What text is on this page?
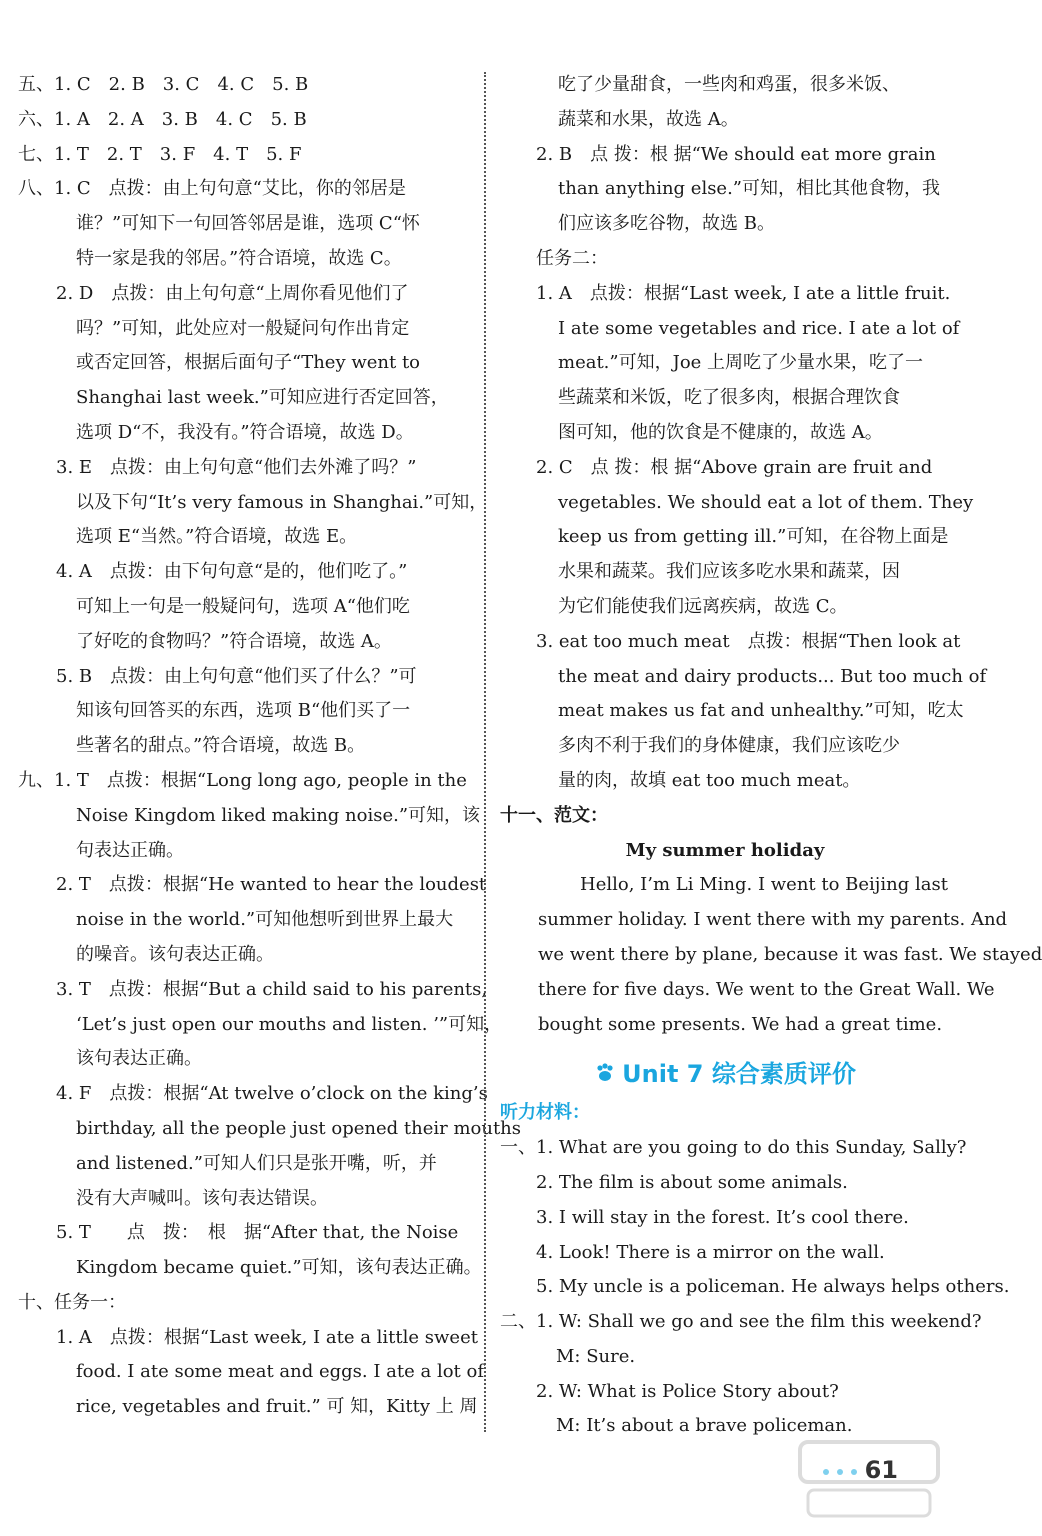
五、1. C　2. B　3. C　4. C　5. B
六、1. A　2. A　3. B　4. C　5. B
七、1. T　2. T　3. F　4. T　5. F
八、1. C　点拨：由上句句意“艾比，你的邻居是
谁？”可知下一句回答邻居是谁，选项 C“怀
特一家是我的邻居。”符合语境，故选 C。
2. D　点拨：由上句句意“上周你看见他们了
吗？”可知，此处应对一般疑问句作出肯定
或否定回答，根据后面句子“They went to
Shanghai last week.”可知应进行否定回答，
选项 D“不，我没有。”符合语境，故选 D。
3. E　点拨：由上句句意“他们去外滩了吗？”
以及下句“It’s very famous in Shanghai.”可知，
选项 E“当然。”符合语境，故选 E。
4. A　点拨：由下句句意“是的，他们吃了。”
可知上一句是一般疑问句，选项 A“他们吃
了好吃的食物吗？”符合语境，故选 A。
5. B　点拨：由上句句意“他们买了什么？”可
知该句回答买的东西，选项 B“他们买了一
些著名的甜点。”符合语境，故选 B。
九、1. T　点拨：根据“Long long ago, people in the
Noise Kingdom liked making noise.”可知，该
句表达正确。
2. T　点拨：根据“He wanted to hear the loudest
noise in the world.”可知他想听到世界上最大
的噪音。该句表达正确。
3. T　点拨：根据“But a child said to his parents,
‘Let’s just open our mouths and listen. ’”可知，
该句表达正确。
4. F　点拨：根据“At twelve o’clock on the king’s
birthday, all the people just opened their mouths
and listened.”可知人们只是张开嘴，听，并
没有大声喊叫。该句表达错误。
5. T　　点　拨：　根　据“After that, the Noise
Kingdom became quiet.”可知，该句表达正确。
十、任务一：
1. A　点拨：根据“Last week, I ate a little sweet
food. I ate some meat and eggs. I ate a lot of
rice, vegetables and fruit.” 可 知，Kitty 上 周
吃了少量甜食，一些肉和鸡蛋，很多米饭、
蔬菜和水果，故选 A。
2. B　点 拨：根 据“We should eat more grain
than anything else.”可知，相比其他食物，我
们应该多吃谷物，故选 B。
任务二：
1. A　点拨：根据“Last week, I ate a little fruit.
I ate some vegetables and rice. I ate a lot of
meat.”可知，Joe 上周吃了少量水果，吃了一
些蔬菜和米饭，吃了很多肉，根据合理饮食
图可知，他的饮食是不健康的，故选 A。
2. C　点 拨：根 据“Above grain are fruit and
vegetables. We should eat a lot of them. They
keep us from getting ill.”可知，在谷物上面是
水果和蔬菜。我们应该多吃水果和蔬菜，因
为它们能使我们远离疾病，故选 C。
3. eat too much meat　点拨：根据“Then look at
the meat and dairy products... But too much of
meat makes us fat and unhealthy.”可知，吃太
多肉不利于我们的身体健康，我们应该吃少
量的肉，故填 eat too much meat。
十一、范文：
My summer holiday
Hello, I’m Li Ming. I went to Beijing last
summer holiday. I went there with my parents. And
we went there by plane, because it was fast. We stayed
there for five days. We went to the Great Wall. We
bought some presents. We had a great time.
Unit 7 综合素质评价
听力材料：
一、1. What are you going to do this Sunday, Sally?
2. The film is about some animals.
3. I will stay in the forest. It’s cool there.
4. Look! There is a mirror on the wall.
5. My uncle is a policeman. He always helps others.
二、1. W: Shall we go and see the film this weekend?
M: Sure.
2. W: What is Police Story about?
M: It’s about a brave policeman.
61
